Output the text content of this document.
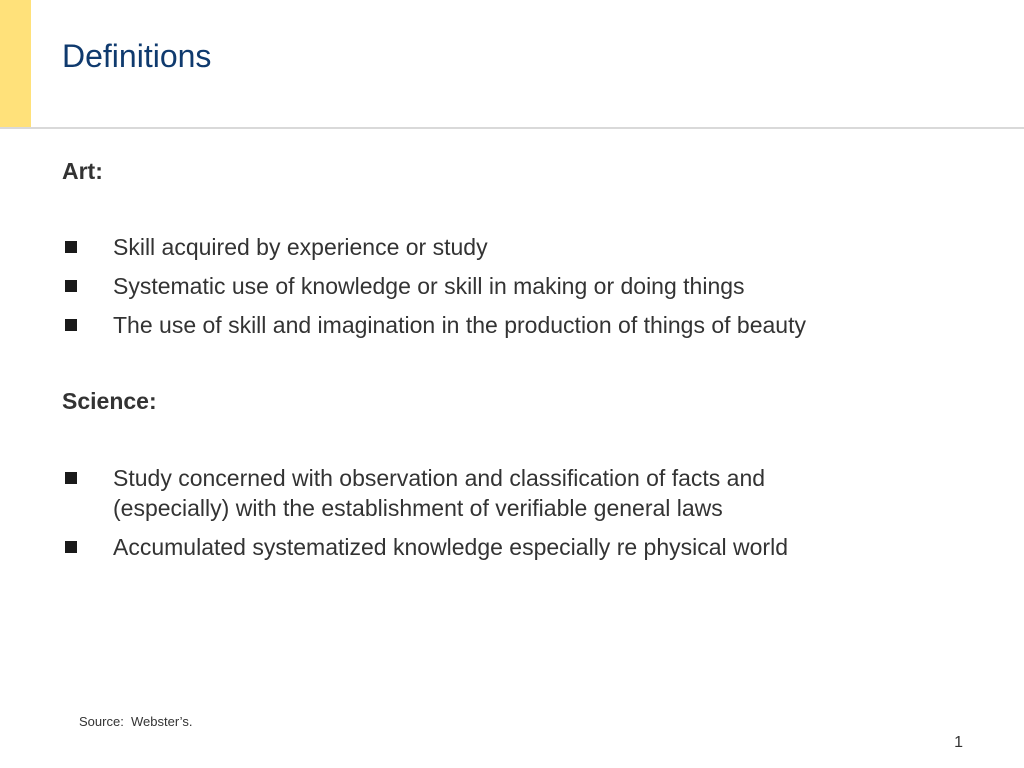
Definitions
Art:
Skill acquired by experience or study
Systematic use of knowledge or skill in making or doing things
The use of skill and imagination in the production of things of beauty
Science:
Study concerned with observation and classification of facts and (especially) with the establishment of verifiable general laws
Accumulated systematized knowledge especially re physical world
Source:  Webster’s.
1
